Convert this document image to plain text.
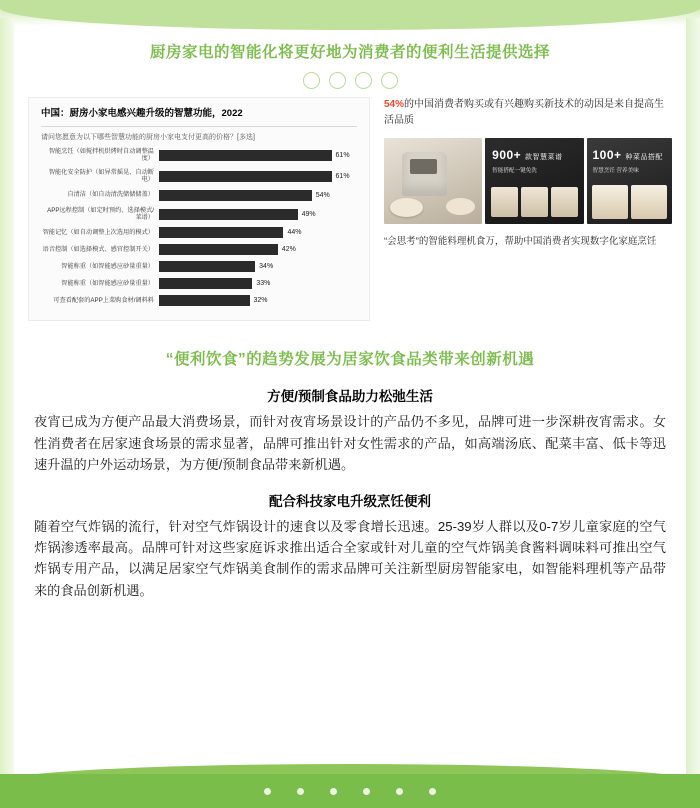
厨房家电的智能化将更好地为消费者的便利生活提供选择
中国：厨房小家电感兴趣升级的智慧功能，2022
请问您愿意为以下哪些智慧功能的厨房小家电支付更高的价格？[多选]
智能烹饪（如搅拌机烘烤时自动调整温度）	61%
智能化安全防护（如异常摇晃、自动断电）	61%
自清洁（如自动清洗储储储盖）	54%
APP远程控制（如定时预约、选择模式/菜谱）	49%
智能记忆（如自动调整上次选用的模式）	44%
语音控制（如选择模式、感官控制开关）	42%
智能称重（如智能感应砂量重量）	34%
智能称重（如智能感应砂量重量）	33%
可查看配套的APP上菜购食材/调料料	32%
54%的中国消费者购买或有兴趣购买新技术的动因是来自提高生活品质
900+ 款智慧菜谱
智能搭配一键免洗
100+ 种菜品搭配
智慧烹饪 营养美味
“会思考”的智能料理机食万，帮助中国消费者实现数字化家庭烹饪
“便利饮食”的趋势发展为居家饮食品类带来创新机遇
方便/预制食品助力松弛生活

夜宵已成为方便产品最大消费场景，而针对夜宵场景设计的产品仍不多见，品牌可进一步深耕夜宵需求。女性消费者在居家速食场景的需求显著，品牌可推出针对女性需求的产品，如高端汤底、配菜丰富、低卡等迅速升温的户外运动场景，为方便/预制食品带来新机遇。

配合科技家电升级烹饪便利

随着空气炸锅的流行，针对空气炸锅设计的速食以及零食增长迅速。25-39岁人群以及0-7岁儿童家庭的空气炸锅渗透率最高。品牌可针对这些家庭诉求推出适合全家或针对儿童的空气炸锅美食酱料调味料可推出空气炸锅专用产品，以满足居家空气炸锅美食制作的需求品牌可关注新型厨房智能家电，如智能料理机等产品带来的食品创新机遇。
